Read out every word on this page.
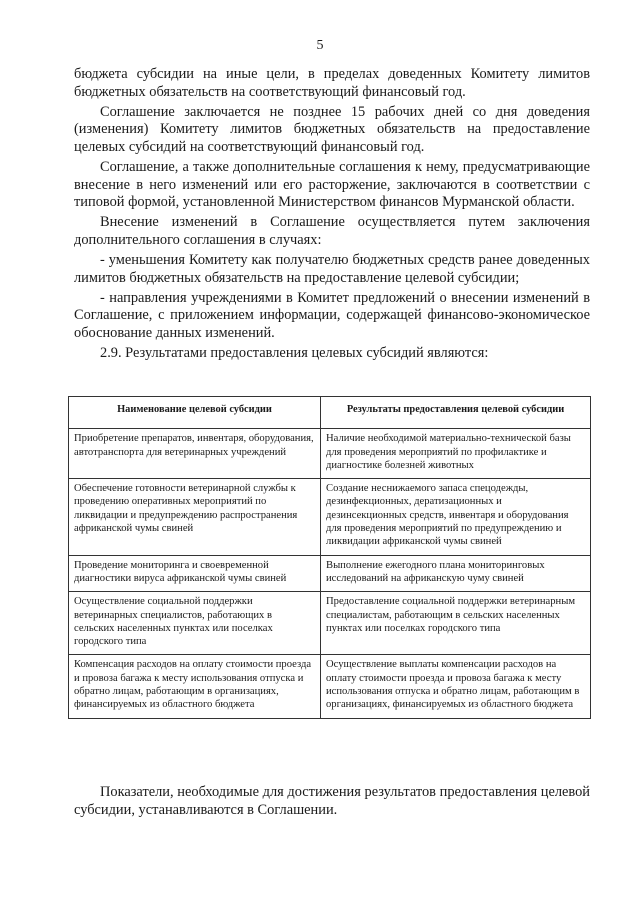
5

бюджета субсидии на иные цели, в пределах доведенных Комитету лимитов бюджетных обязательств на соответствующий финансовый год.

Соглашение заключается не позднее 15 рабочих дней со дня доведения (изменения) Комитету лимитов бюджетных обязательств на предоставление целевых субсидий на соответствующий финансовый год.

Соглашение, а также дополнительные соглашения к нему, предусматривающие внесение в него изменений или его расторжение, заключаются в соответствии с типовой формой, установленной Министерством финансов Мурманской области.

Внесение изменений в Соглашение осуществляется путем заключения дополнительного соглашения в случаях:

- уменьшения Комитету как получателю бюджетных средств ранее доведенных лимитов бюджетных обязательств на предоставление целевой субсидии;

- направления учреждениями в Комитет предложений о внесении изменений в Соглашение, с приложением информации, содержащей финансово-экономическое обоснование данных изменений.

2.9. Результатами предоставления целевых субсидий являются:

Наименование целевой субсидии	Результаты предоставления целевой субсидии
Приобретение препаратов, инвентаря, оборудования, автотранспорта для ветеринарных учреждений	Наличие необходимой материально-технической базы для проведения мероприятий по профилактике и диагностике болезней животных
Обеспечение готовности ветеринарной службы к проведению оперативных мероприятий по ликвидации и предупреждению распространения африканской чумы свиней	Создание неснижаемого запаса спецодежды, дезинфекционных, дератизационных и дезинсекционных средств, инвентаря и оборудования для проведения мероприятий по предупреждению и ликвидации африканской чумы свиней
Проведение мониторинга и своевременной диагностики вируса африканской чумы свиней	Выполнение ежегодного плана мониторинговых исследований на африканскую чуму свиней
Осуществление социальной поддержки ветеринарных специалистов, работающих в сельских населенных пунктах или поселках городского типа	Предоставление социальной поддержки ветеринарным специалистам, работающим в сельских населенных пунктах или поселках городского типа
Компенсация расходов на оплату стоимости проезда и провоза багажа к месту использования отпуска и обратно лицам, работающим в организациях, финансируемых из областного бюджета	Осуществление выплаты компенсации расходов на оплату стоимости проезда и провоза багажа к месту использования отпуска и обратно лицам, работающим в организациях, финансируемых из областного бюджета

Показатели, необходимые для достижения результатов предоставления целевой субсидии, устанавливаются в Соглашении.
